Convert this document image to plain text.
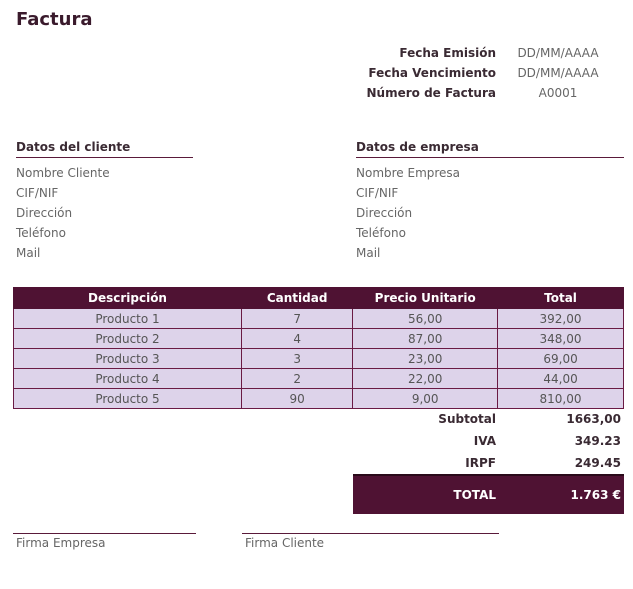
Factura
Fecha Emisión	DD/MM/AAAA
Fecha Vencimiento	DD/MM/AAAA
Número de Factura	A0001
Datos del cliente
Nombre Cliente
CIF/NIF
Dirección
Teléfono
Mail
Datos de empresa
Nombre Empresa
CIF/NIF
Dirección
Teléfono
Mail
Descripción	Cantidad	Precio Unitario	Total
Producto 1	7	56,00	392,00
Producto 2	4	87,00	348,00
Producto 3	3	23,00	69,00
Producto 4	2	22,00	44,00
Producto 5	90	9,00	810,00
Subtotal	1663,00
IVA	349.23
IRPF	249.45
TOTAL	1.763 €
Firma Empresa	Firma Cliente
